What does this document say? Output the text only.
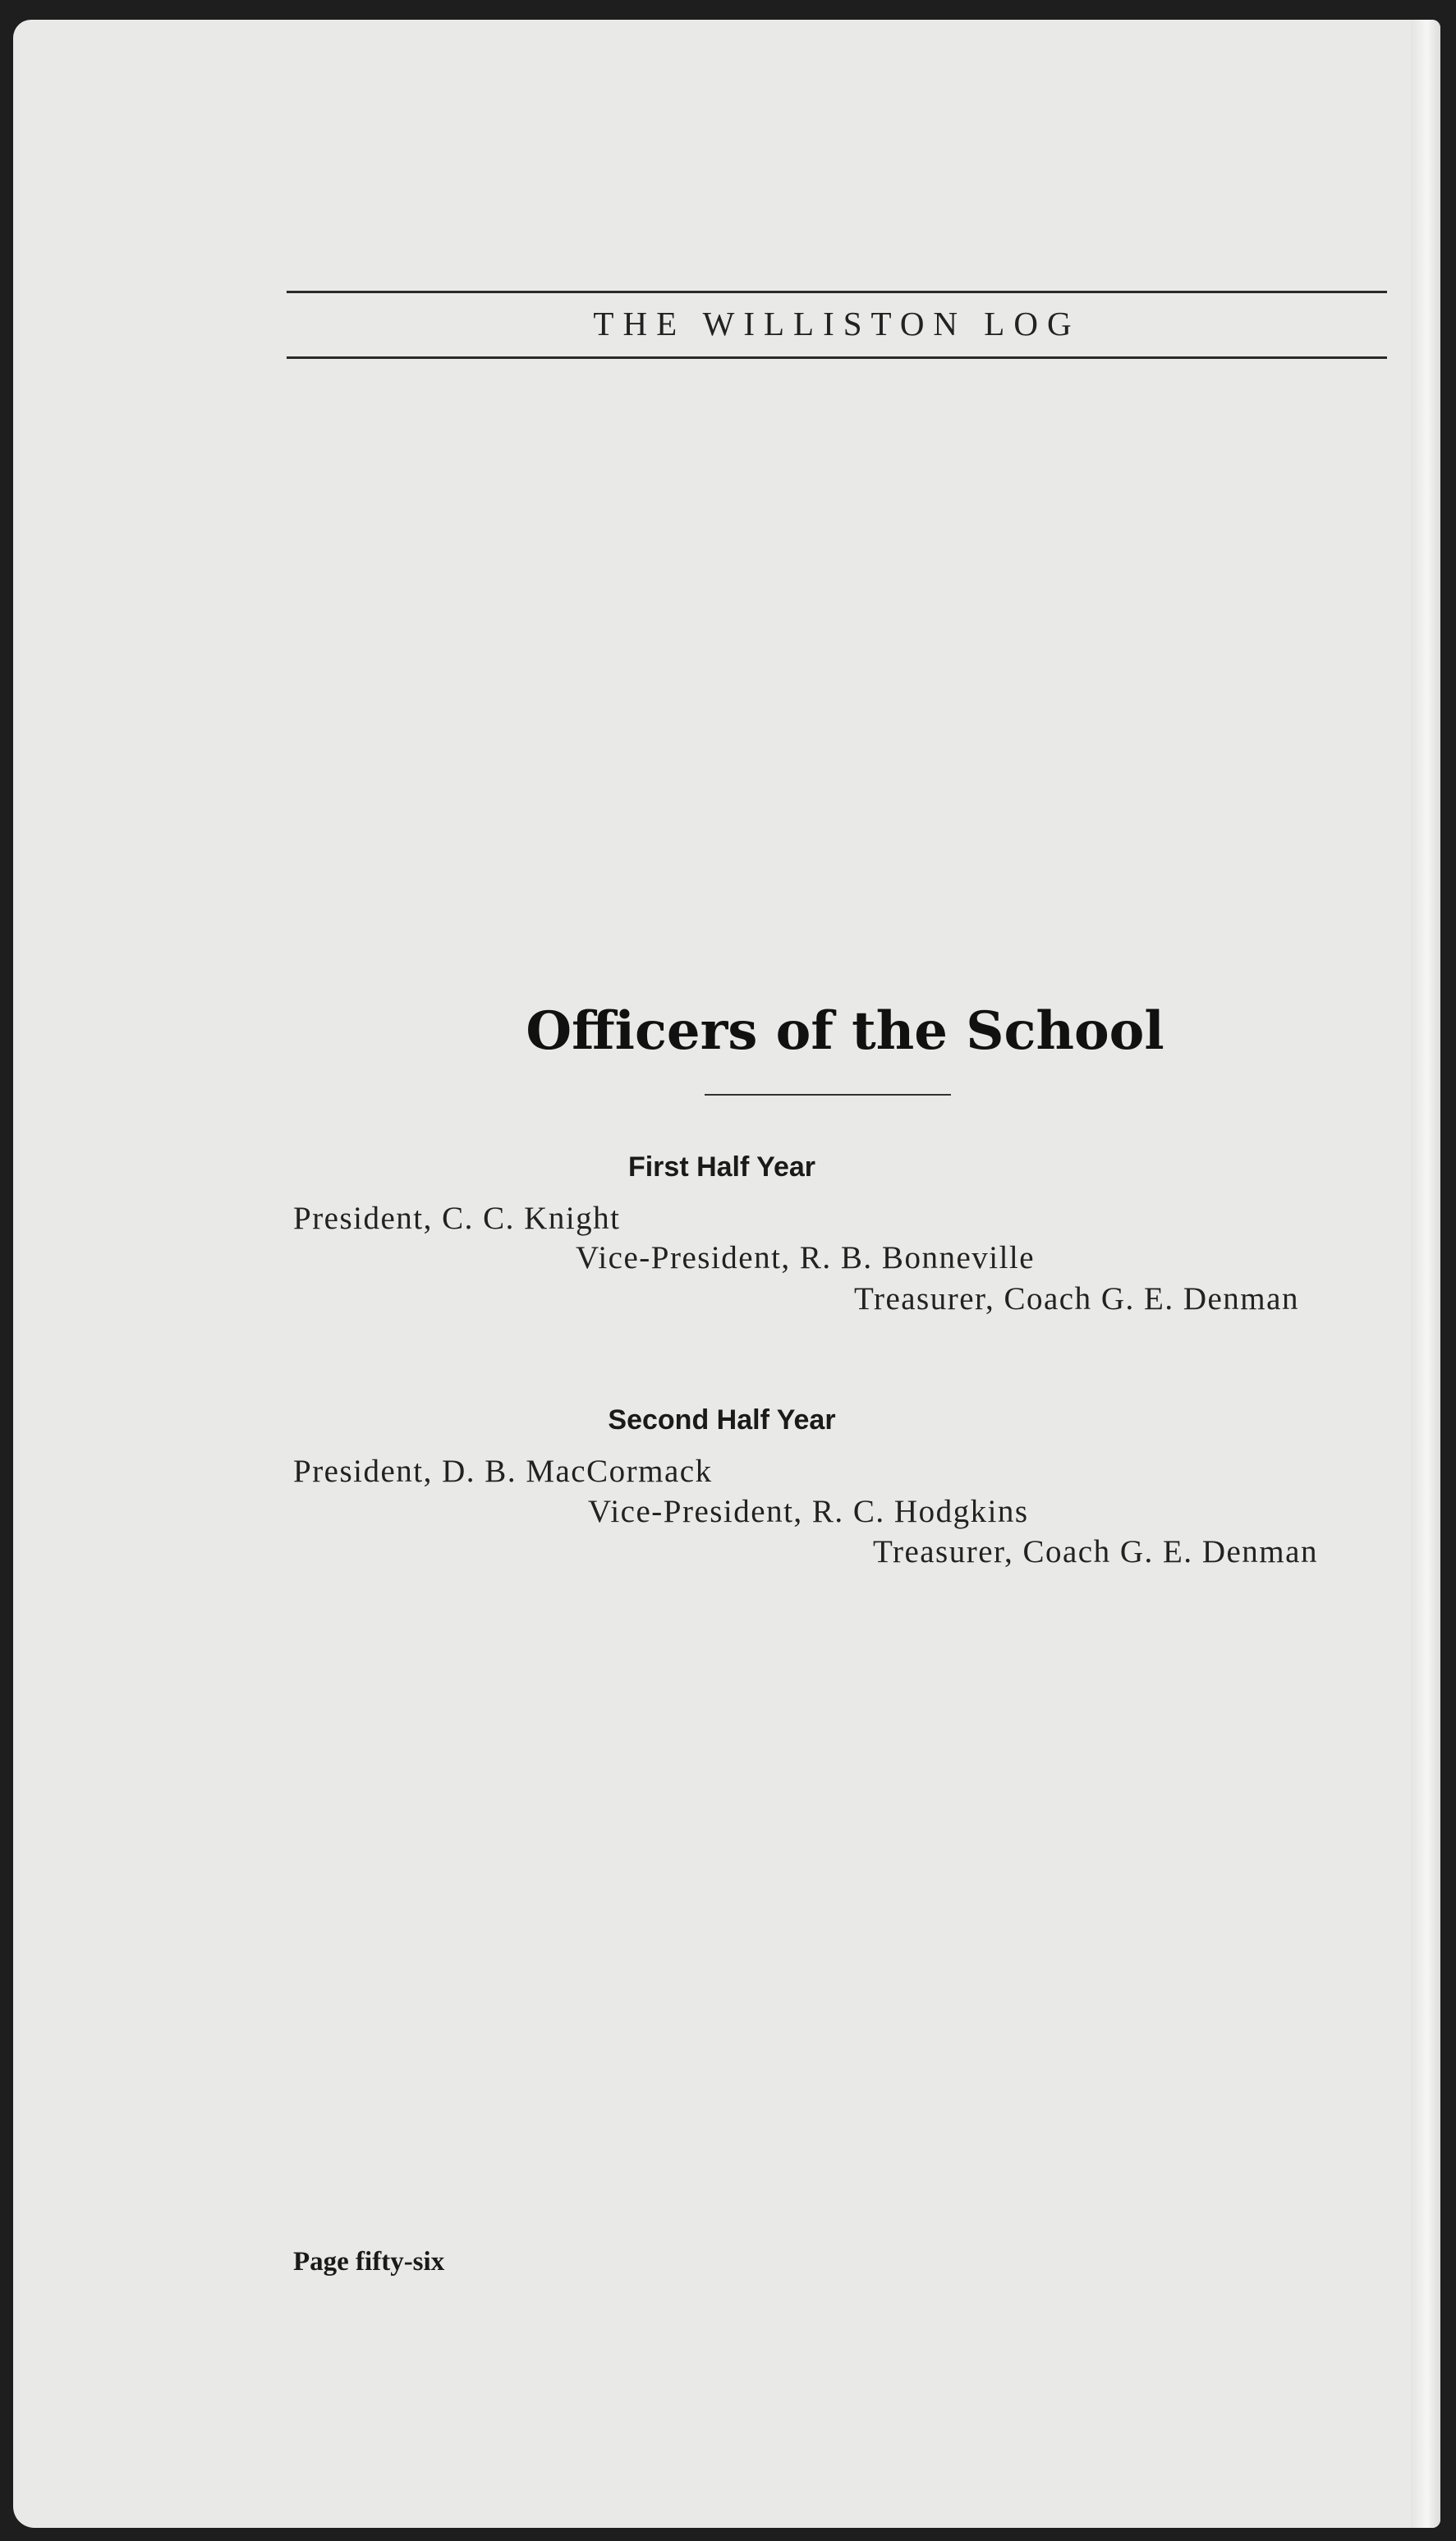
THE WILLISTON LOG
Officers of the School
First Half Year
President, C. C. Knight
Vice-President, R. B. Bonneville
Treasurer, Coach G. E. Denman
Second Half Year
President, D. B. MacCormack
Vice-President, R. C. Hodgkins
Treasurer, Coach G. E. Denman
Page fifty-six
